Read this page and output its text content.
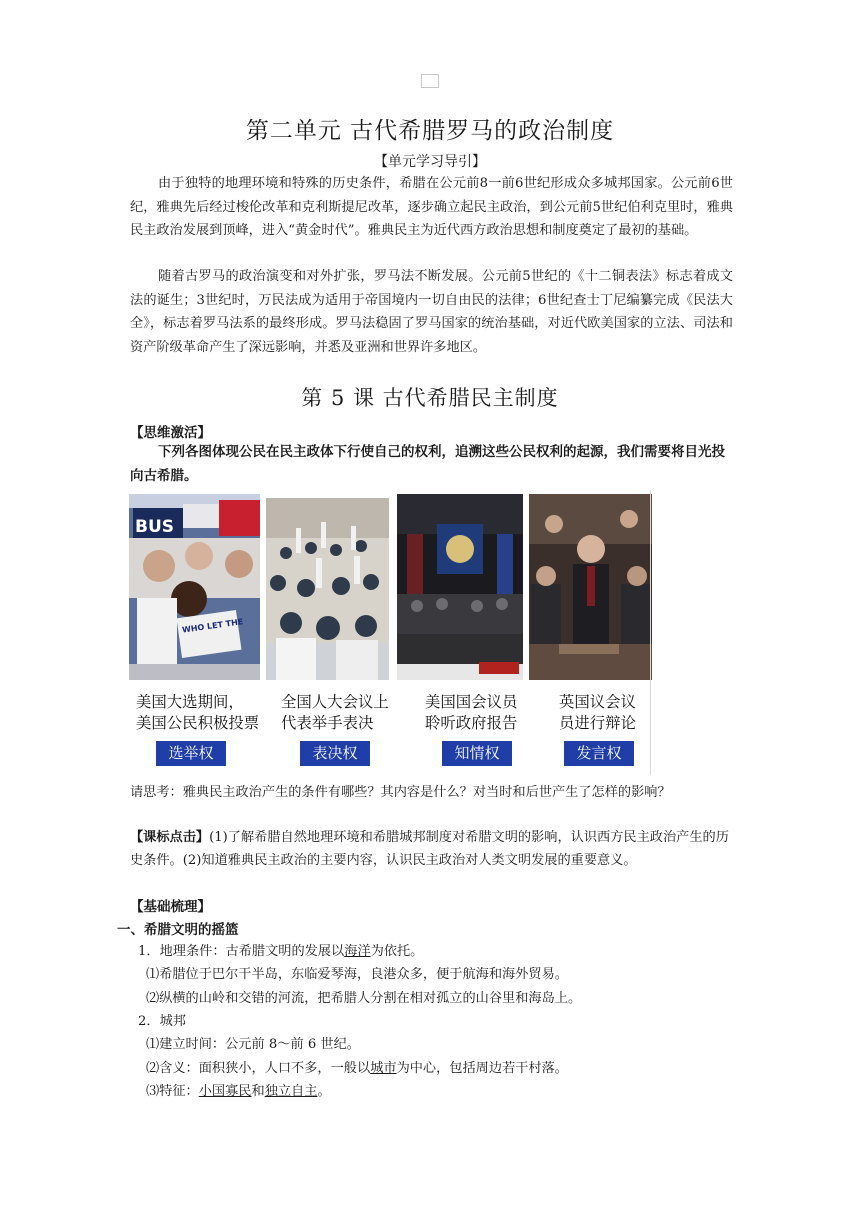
第二单元 古代希腊罗马的政治制度
【单元学习导引】

由于独特的地理环境和特殊的历史条件，希腊在公元前8一前6世纪形成众多城邦国家。公元前6世纪，雅典先后经过梭伦改革和克利斯提尼改革，逐步确立起民主政治，到公元前5世纪伯利克里时，雅典民主政治发展到顶峰，进入“黄金时代”。雅典民主为近代西方政治思想和制度奠定了最初的基础。

随着古罗马的政治演变和对外扩张，罗马法不断发展。公元前5世纪的《十二铜表法》标志着成文法的诞生；3世纪时，万民法成为适用于帝国境内一切自由民的法律；6世纪查士丁尼编纂完成《民法大全》，标志着罗马法系的最终形成。罗马法稳固了罗马国家的统治基础，对近代欧美国家的立法、司法和资产阶级革命产生了深远影响，并悉及亚洲和世界许多地区。

第 5 课 古代希腊民主制度
【思维激活】

下列各图体现公民在民主政体下行使自己的权利，追溯这些公民权利的起源，我们需要将目光投向古希腊。

BUS
WHO LET THE
美国大选期间，
美国公民积极投票
全国人大会议上
代表举手表决
美国国会议员
聆听政府报告
英国议会议
员进行辩论
选举权	表决权	知情权	发言权

请思考：雅典民主政治产生的条件有哪些？其内容是什么？对当时和后世产生了怎样的影响？

【课标点击】(1)了解希腊自然地理环境和希腊城邦制度对希腊文明的影响，认识西方民主政治产生的历史条件。(2)知道雅典民主政治的主要内容，认识民主政治对人类文明发展的重要意义。

【基础梳理】
一、希腊文明的摇篮
1．地理条件：古希腊文明的发展以海洋为依托。
⑴希腊位于巴尔干半岛，东临爱琴海，良港众多，便于航海和海外贸易。
⑵纵横的山岭和交错的河流，把希腊人分割在相对孤立的山谷里和海岛上。
2．城邦
⑴建立时间：公元前 8～前 6 世纪。
⑵含义：面积狭小，人口不多，一般以城市为中心，包括周边若干村落。
⑶特征：小国寡民和独立自主。
